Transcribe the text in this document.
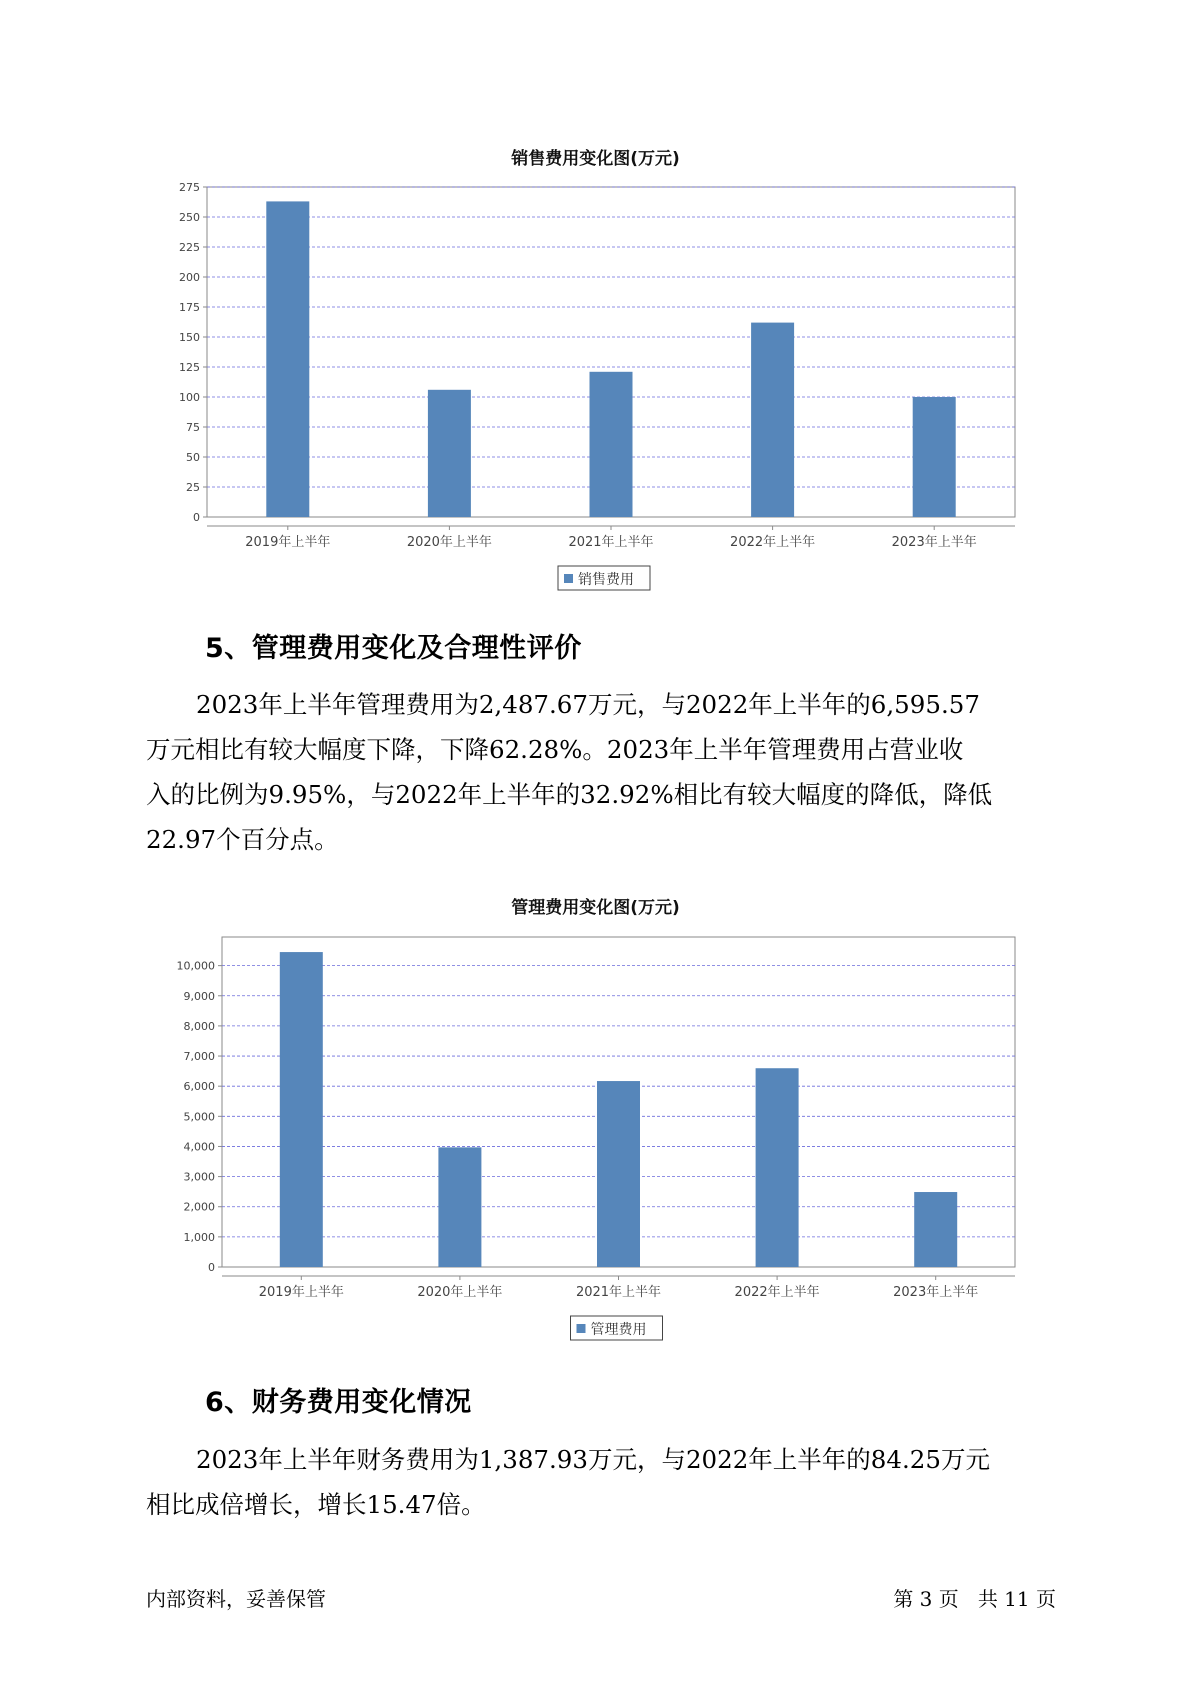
销售费用变化图(万元)
0
25
50
75
100
125
150
175
200
225
250
275
2019年上半年	2020年上半年	2021年上半年	2022年上半年	2023年上半年
销售费用
5、管理费用变化及合理性评价
2023年上半年管理费用为2,487.67万元，与2022年上半年的6,595.57
万元相比有较大幅度下降，下降62.28%。2023年上半年管理费用占营业收
入的比例为9.95%，与2022年上半年的32.92%相比有较大幅度的降低，降低
22.97个百分点。
管理费用变化图(万元)
0
1,000
2,000
3,000
4,000
5,000
6,000
7,000
8,000
9,000
10,000
2019年上半年	2020年上半年	2021年上半年	2022年上半年	2023年上半年
管理费用
6、财务费用变化情况
2023年上半年财务费用为1,387.93万元，与2022年上半年的84.25万元
相比成倍增长，增长15.47倍。
内部资料，妥善保管	第 3 页   共 11 页
